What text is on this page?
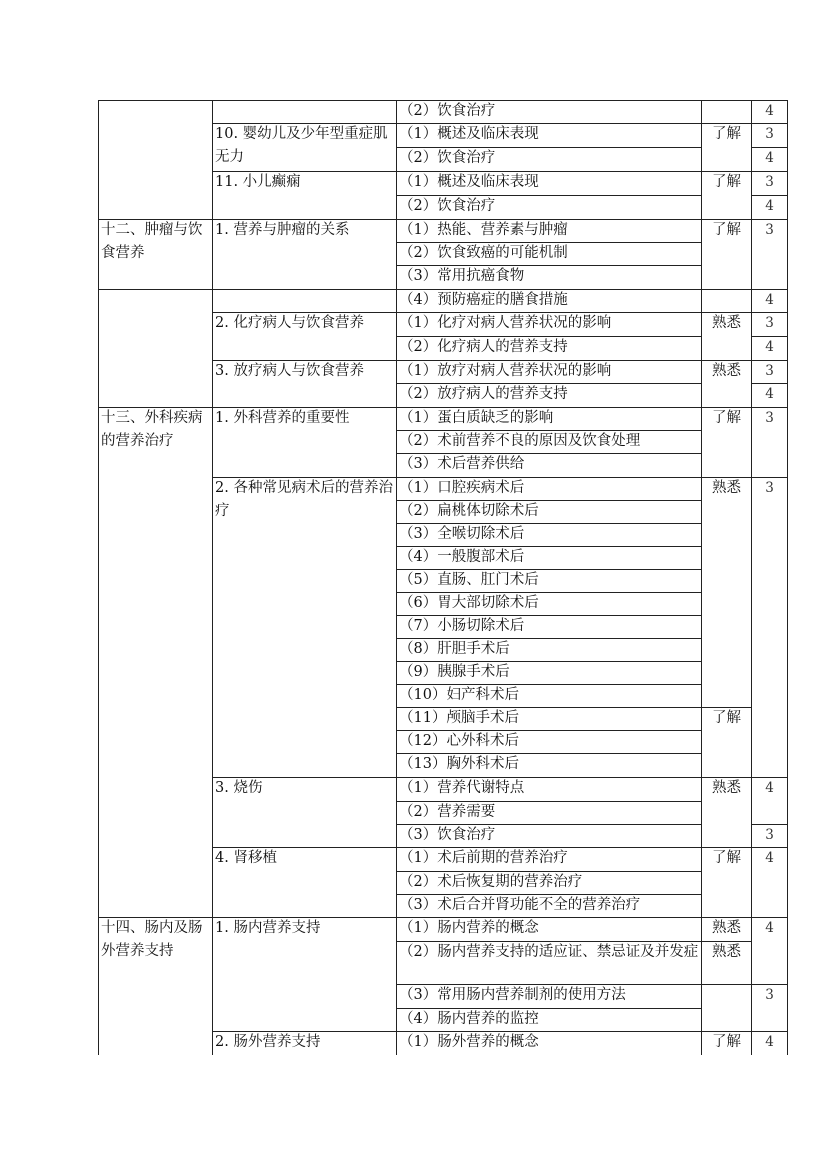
十二、肿瘤与饮食营养
十三、外科疾病的营养治疗
十四、肠内及肠外营养支持
10. 婴幼儿及少年型重症肌无力
11. 小儿癫痫
1. 营养与肿瘤的关系
2. 化疗病人与饮食营养
3. 放疗病人与饮食营养
1. 外科营养的重要性
2. 各种常见病术后的营养治疗
3. 烧伤
4. 肾移植
1. 肠内营养支持
2. 肠外营养支持
（2）饮食治疗
（1）概述及临床表现
（2）饮食治疗
（1）概述及临床表现
（2）饮食治疗
（1）热能、营养素与肿瘤
（2）饮食致癌的可能机制
（3）常用抗癌食物
（4）预防癌症的膳食措施
（1）化疗对病人营养状况的影响
（2）化疗病人的营养支持
（1）放疗对病人营养状况的影响
（2）放疗病人的营养支持
（1）蛋白质缺乏的影响
（2）术前营养不良的原因及饮食处理
（3）术后营养供给
（1）口腔疾病术后
（2）扁桃体切除术后
（3）全喉切除术后
（4）一般腹部术后
（5）直肠、肛门术后
（6）胃大部切除术后
（7）小肠切除术后
（8）肝胆手术后
（9）胰腺手术后
（10）妇产科术后
（11）颅脑手术后
（12）心外科术后
（13）胸外科术后
（1）营养代谢特点
（2）营养需要
（3）饮食治疗
（1）术后前期的营养治疗
（2）术后恢复期的营养治疗
（3）术后合并肾功能不全的营养治疗
（1）肠内营养的概念
（2）肠内营养支持的适应证、禁忌证及并发症
（3）常用肠内营养制剂的使用方法
（4）肠内营养的监控
（1）肠外营养的概念
了解
了解
了解
熟悉
熟悉
了解
熟悉
了解
熟悉
了解
熟悉
熟悉
了解
4
3
4
3
4
3
4
3
4
3
4
3
3
4
3
4
4
3
4
